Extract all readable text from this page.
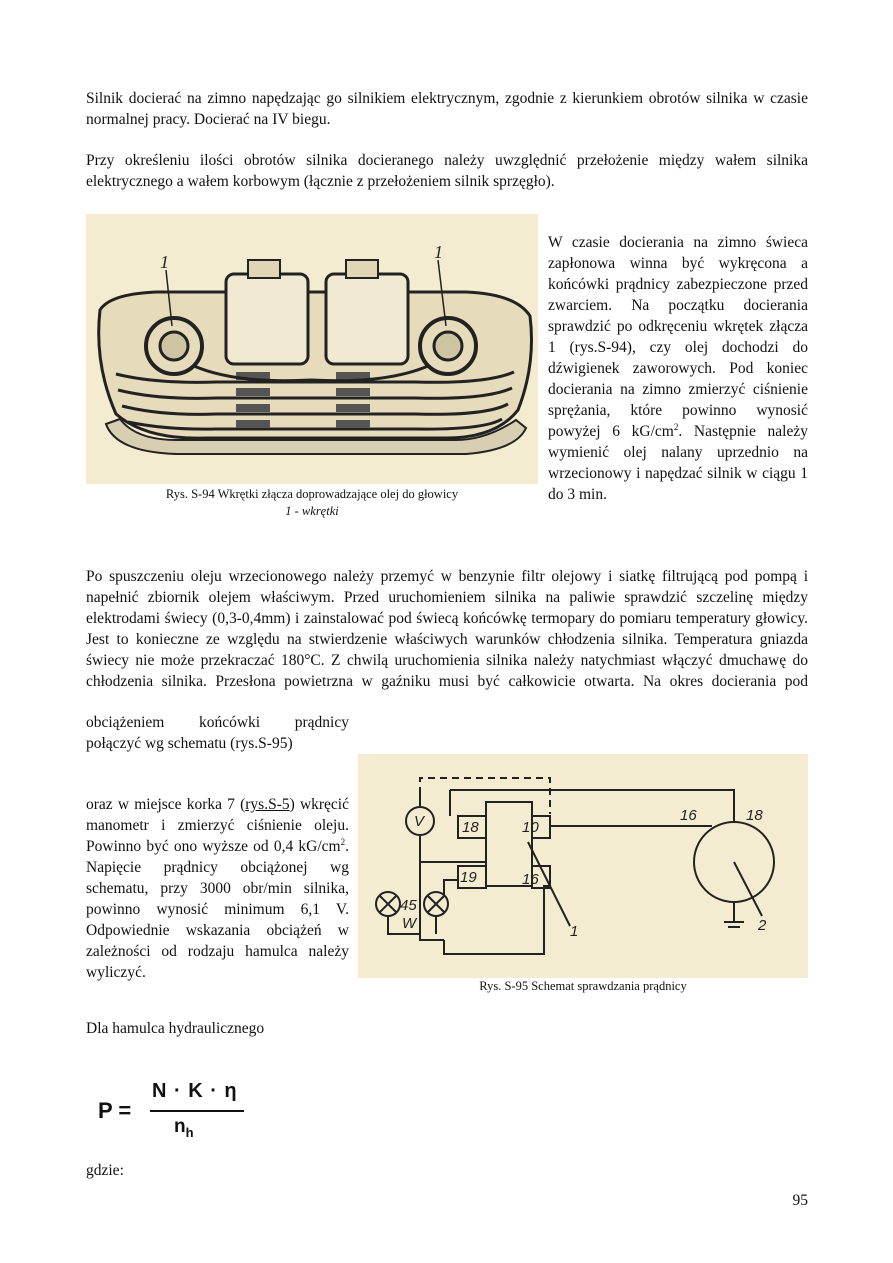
Silnik docierać na zimno napędzając go silnikiem elektrycznym, zgodnie z kierunkiem obrotów silnika w czasie normalnej pracy. Docierać na IV biegu.

Przy określeniu ilości obrotów silnika docieranego należy uwzględnić przełożenie między wałem silnika elektrycznego a wałem korbowym (łącznie z przełożeniem silnik sprzęgło).

1	1
Rys. S-94 Wkrętki złącza doprowadzające olej do głowicy
1 - wkrętki

W czasie docierania na zimno świeca zapłonowa winna być wykręcona a końcówki prądnicy zabezpieczone przed zwarciem. Na początku docierania sprawdzić po odkręceniu wkrętek złącza 1 (rys.S-94), czy olej dochodzi do dźwigienek zaworowych. Pod koniec docierania na zimno zmierzyć ciśnienie sprężania, które powinno wynosić powyżej 6 $kG/cm^2$. Następnie należy wymienić olej nalany uprzednio na wrzecionowy i napędzać silnik w ciągu 1 do 3 min.

Po spuszczeniu oleju wrzecionowego należy przemyć w benzynie filtr olejowy i siatkę filtrującą pod pompą i napełnić zbiornik olejem właściwym. Przed uruchomieniem silnika na paliwie sprawdzić szczelinę między elektrodami świecy (0,3-0,4mm) i zainstalować pod świecą końcówkę termopary do pomiaru temperatury głowicy. Jest to konieczne ze względu na stwierdzenie właściwych warunków chłodzenia silnika. Temperatura gniazda świecy nie może przekraczać 180°C. Z chwilą uruchomienia silnika należy natychmiast włączyć dmuchawę do chłodzenia silnika. Przesłona powietrzna w gaźniku musi być całkowicie otwarta. Na okres docierania pod

obciążeniem końcówki prądnicy
połączyć wg schematu (rys.S-95)

oraz w miejsce korka 7 (rys.S-5) wkręcić manometr i zmierzyć ciśnienie oleju. Powinno być ono wyższe od 0,4 $kG/cm^2$. Napięcie prądnicy obciążonej wg schematu, przy 3000 obr/min silnika, powinno wynosić minimum 6,1 V. Odpowiednie wskazania obciążeń w zależności od rodzaju hamulca należy wyliczyć.

V	18	10
19	16
16	18
45
W	1	2
Rys. S-95 Schemat sprawdzania prądnicy
Dla hamulca hydraulicznego
P =
N · K · η
$n_h$
gdzie:
95
